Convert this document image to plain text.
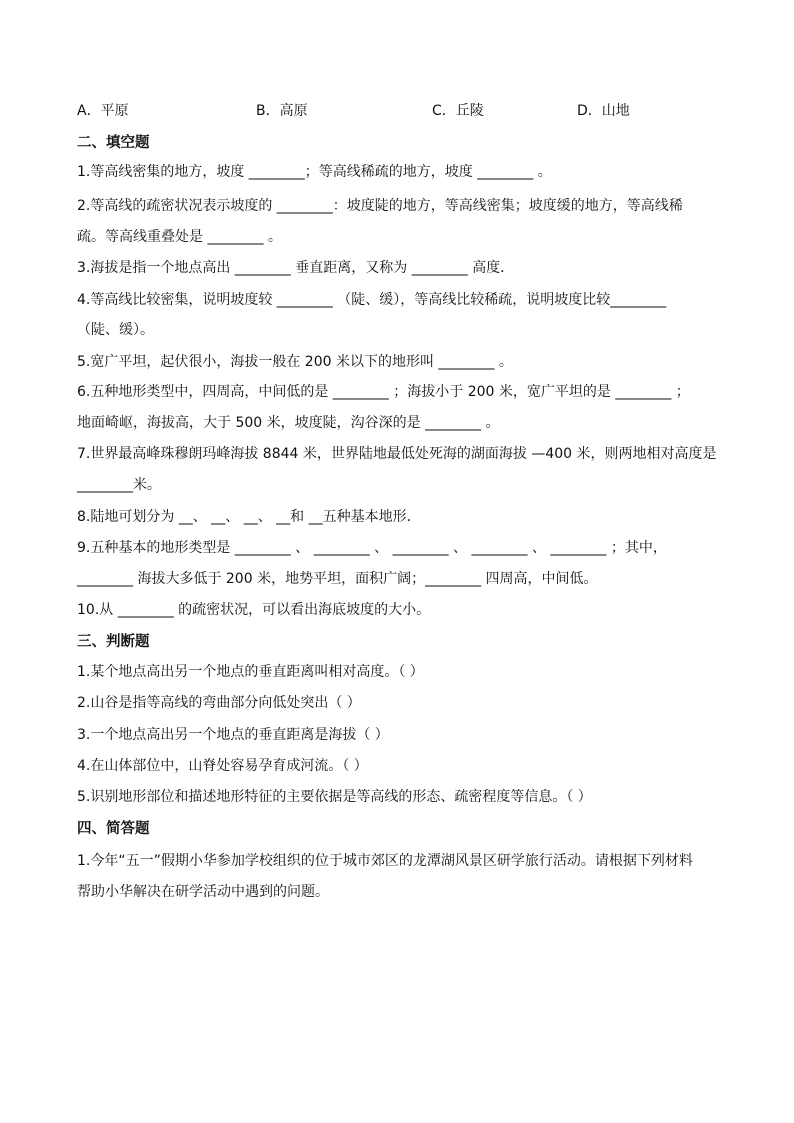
A．平原	B．高原	C．丘陵	D．山地
二、填空题
1.等高线密集的地方，坡度 ________；等高线稀疏的地方，坡度 ________ 。
2.等高线的疏密状况表示坡度的 ________：坡度陡的地方，等高线密集；坡度缓的地方，等高线稀
疏。等高线重叠处是 ________ 。
3.海拔是指一个地点高出 ________ 垂直距离，又称为 ________ 高度．
4.等高线比较密集，说明坡度较 ________ （陡、缓），等高线比较稀疏，说明坡度比较________
（陡、缓）。
5.宽广平坦，起伏很小，海拔一般在 200 米以下的地形叫 ________ 。
6.五种地形类型中，四周高，中间低的是 ________ ；海拔小于 200 米，宽广平坦的是 ________ ；
地面崎岖，海拔高，大于 500 米，坡度陡，沟谷深的是 ________ 。
7.世界最高峰珠穆朗玛峰海拔 8844 米，世界陆地最低处死海的湖面海拔 —400 米，则两地相对高度是
________米。
8.陆地可划分为 __、 __、 __、 __和 __五种基本地形．
9.五种基本的地形类型是 ________ 、 ________ 、 ________ 、 ________ 、 ________ ；其中，
________ 海拔大多低于 200 米，地势平坦，面积广阔；________ 四周高，中间低。
10.从 ________ 的疏密状况，可以看出海底坡度的大小。
三、判断题
1.某个地点高出另一个地点的垂直距离叫相对高度。（ ）
2.山谷是指等高线的弯曲部分向低处突出（ ）
3.一个地点高出另一个地点的垂直距离是海拔（ ）
4.在山体部位中，山脊处容易孕育成河流。（ ）
5.识别地形部位和描述地形特征的主要依据是等高线的形态、疏密程度等信息。（ ）
四、简答题
1.今年“五一”假期小华参加学校组织的位于城市郊区的龙潭湖风景区研学旅行活动。请根据下列材料
帮助小华解决在研学活动中遇到的问题。
